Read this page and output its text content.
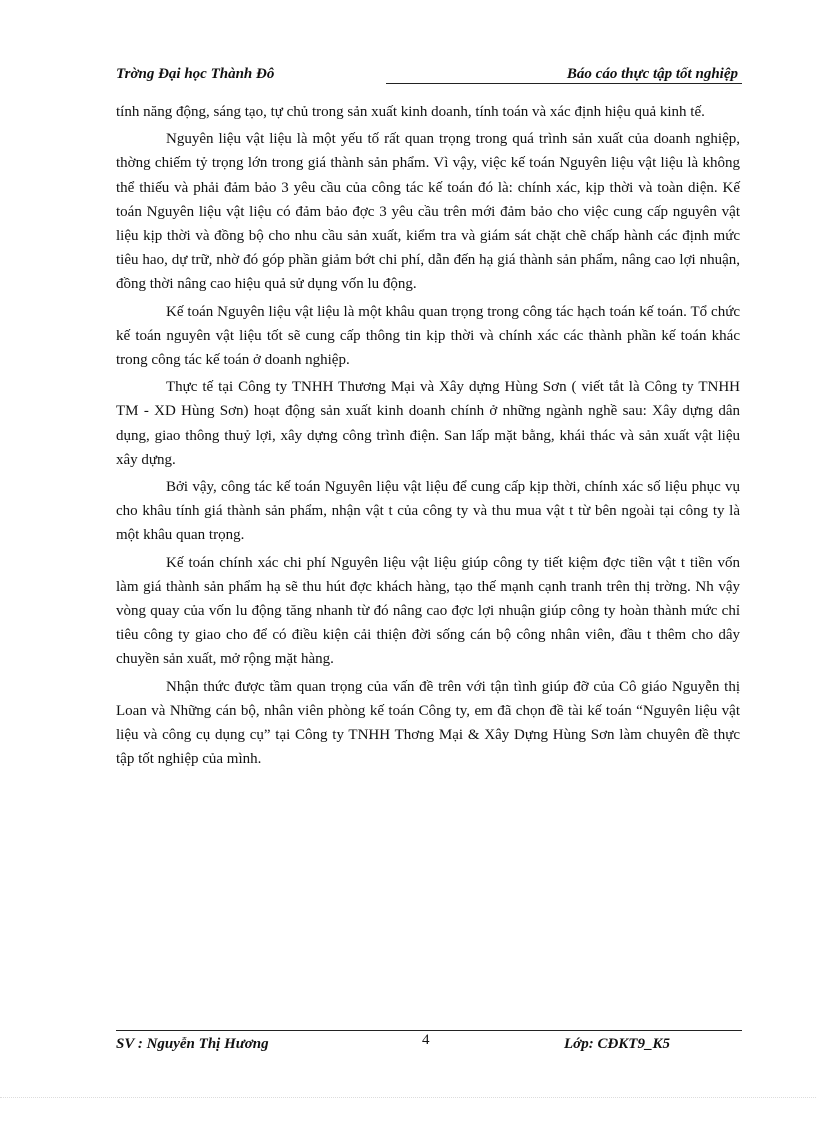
Trờng Đại học Thành Đô	Báo cáo thực tập tốt nghiệp

tính năng động, sáng tạo, tự chủ trong sản xuất kinh doanh, tính toán và xác định hiệu quả kinh tế.

Nguyên liệu vật liệu là một yếu tố rất quan trọng trong quá trình sản xuất của doanh nghiệp, thờng chiếm tỷ trọng lớn trong giá thành sản phẩm. Vì vậy, việc kế toán Nguyên liệu vật liệu là không thể thiếu và phải đảm bảo 3 yêu cầu của công tác kế toán đó là: chính xác, kịp thời và toàn diện. Kế toán Nguyên liệu vật liệu có đảm bảo đợc 3 yêu cầu trên mới đảm bảo cho việc cung cấp nguyên vật liệu kịp thời và đồng bộ cho nhu cầu sản xuất, kiểm tra và giám sát chặt chẽ chấp hành các định mức tiêu hao, dự trữ, nhờ đó góp phần giảm bớt chi phí, dẫn đến hạ giá thành sản phẩm, nâng cao lợi nhuận, đồng thời nâng cao hiệu quả sử dụng vốn lu động.

Kế toán Nguyên liệu vật liệu là một khâu quan trọng trong công tác hạch toán kế toán. Tổ chức kế toán nguyên vật liệu tốt sẽ cung cấp thông tin kịp thời và chính xác các thành phần kế toán khác trong công tác kế toán ở doanh nghiệp.

Thực tế tại Công ty TNHH Thương Mại và Xây dựng Hùng Sơn ( viết tắt là Công ty TNHH TM - XD Hùng Sơn) hoạt động sản xuất kinh doanh chính ở những ngành nghề sau: Xây dựng dân dụng, giao thông thuỷ lợi, xây dựng công trình điện. San lấp mặt bằng, khái thác và sản xuất vật liệu xây dựng.

Bởi vậy, công tác kế toán Nguyên liệu vật liệu để cung cấp kịp thời, chính xác số liệu phục vụ cho khâu tính giá thành sản phẩm, nhận vật t của công ty và thu mua vật t từ bên ngoài tại công ty là một khâu quan trọng.

Kế toán chính xác chi phí Nguyên liệu vật liệu giúp công ty tiết kiệm đợc tiền vật t tiền vốn làm giá thành sản phẩm hạ sẽ thu hút đợc khách hàng, tạo thế mạnh cạnh tranh trên thị trờng. Nh vậy vòng quay của vốn lu động tăng nhanh từ đó nâng cao đợc lợi nhuận giúp công ty hoàn thành mức chỉ tiêu công ty giao cho để có điều kiện cải thiện đời sống cán bộ công nhân viên, đầu t thêm cho dây chuyền sản xuất, mở rộng mặt hàng.

Nhận thức được tầm quan trọng của vấn đề trên với tận tình giúp đỡ của Cô giáo Nguyễn thị Loan và Những cán bộ, nhân viên phòng kế toán Công ty, em đã chọn đề tài kế toán “Nguyên liệu vật liệu và công cụ dụng cụ” tại Công ty TNHH Thơng Mại & Xây Dựng Hùng Sơn làm chuyên đề thực tập tốt nghiệp của mình.

SV : Nguyễn Thị Hương	4	Lớp: CĐKT9_K5
